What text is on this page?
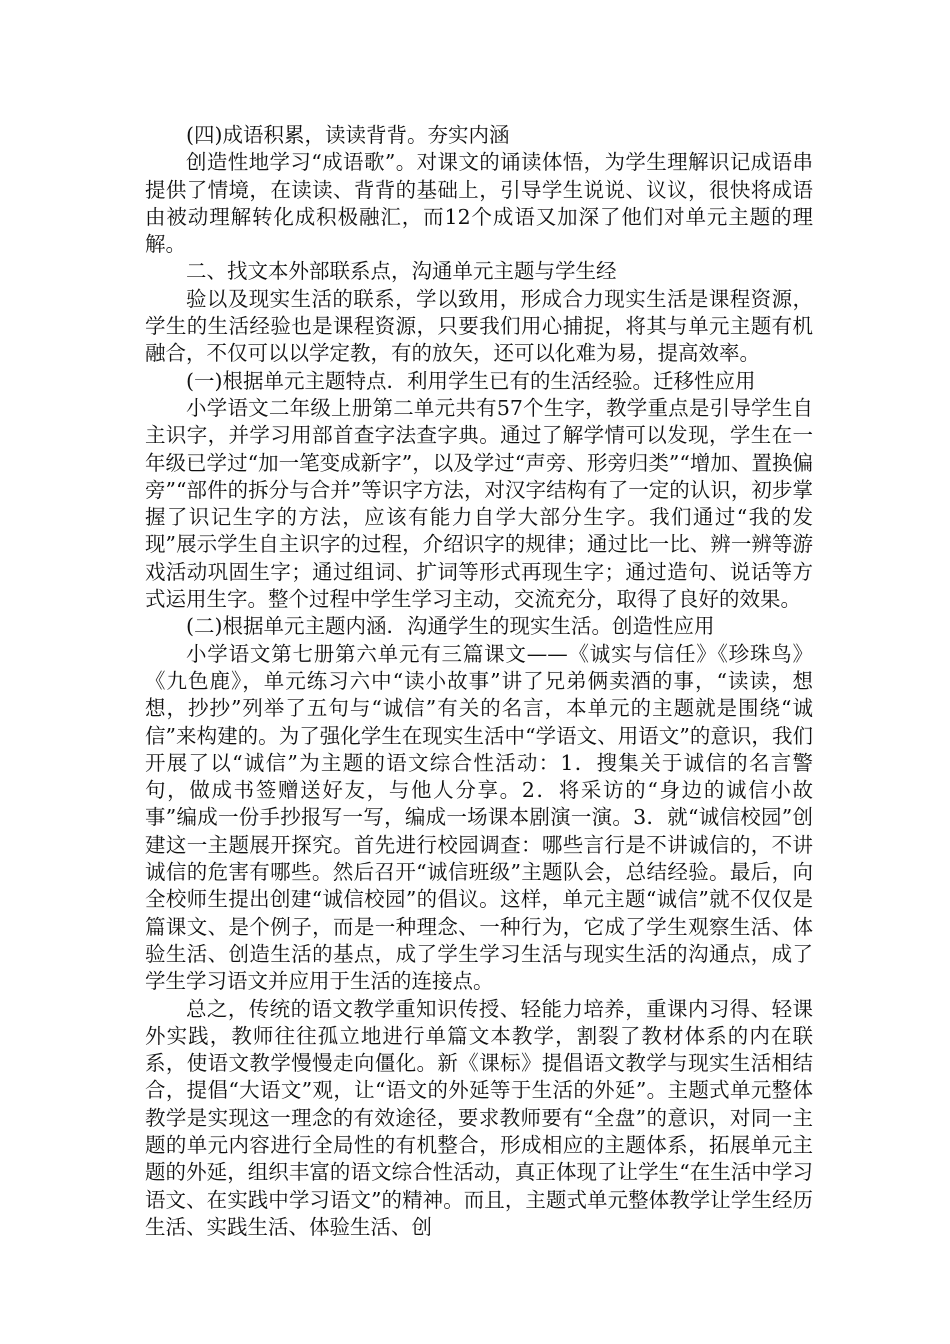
(四)成语积累，读读背背。夯实内涵

创造性地学习“成语歌”。对课文的诵读体悟，为学生理解识记成语串提供了情境，在读读、背背的基础上，引导学生说说、议议，很快将成语由被动理解转化成积极融汇，而12个成语又加深了他们对单元主题的理解。

二、找文本外部联系点，沟通单元主题与学生经

验以及现实生活的联系，学以致用，形成合力现实生活是课程资源，学生的生活经验也是课程资源，只要我们用心捕捉，将其与单元主题有机融合，不仅可以以学定教，有的放矢，还可以化难为易，提高效率。

(一)根据单元主题特点．利用学生已有的生活经验。迁移性应用

小学语文二年级上册第二单元共有57个生字，教学重点是引导学生自主识字，并学习用部首查字法查字典。通过了解学情可以发现，学生在一年级已学过“加一笔变成新字”，以及学过“声旁、形旁归类”“增加、置换偏旁”“部件的拆分与合并”等识字方法，对汉字结构有了一定的认识，初步掌握了识记生字的方法，应该有能力自学大部分生字。我们通过“我的发现”展示学生自主识字的过程，介绍识字的规律；通过比一比、辨一辨等游戏活动巩固生字；通过组词、扩词等形式再现生字；通过造句、说话等方式运用生字。整个过程中学生学习主动，交流充分，取得了良好的效果。

(二)根据单元主题内涵．沟通学生的现实生活。创造性应用

小学语文第七册第六单元有三篇课文——《诚实与信任》《珍珠鸟》《九色鹿》，单元练习六中“读小故事”讲了兄弟俩卖酒的事，“读读，想想，抄抄”列举了五句与“诚信”有关的名言，本单元的主题就是围绕“诚信”来构建的。为了强化学生在现实生活中“学语文、用语文”的意识，我们开展了以“诚信”为主题的语文综合性活动：1．搜集关于诚信的名言警句，做成书签赠送好友，与他人分享。2．将采访的“身边的诚信小故事”编成一份手抄报写一写，编成一场课本剧演一演。3．就“诚信校园”创建这一主题展开探究。首先进行校园调查：哪些言行是不讲诚信的，不讲诚信的危害有哪些。然后召开“诚信班级”主题队会，总结经验。最后，向全校师生提出创建“诚信校园”的倡议。这样，单元主题“诚信”就不仅仅是篇课文、是个例子，而是一种理念、一种行为，它成了学生观察生活、体验生活、创造生活的基点，成了学生学习生活与现实生活的沟通点，成了学生学习语文并应用于生活的连接点。

总之，传统的语文教学重知识传授、轻能力培养，重课内习得、轻课外实践，教师往往孤立地进行单篇文本教学，割裂了教材体系的内在联系，使语文教学慢慢走向僵化。新《课标》提倡语文教学与现实生活相结合，提倡“大语文”观，让“语文的外延等于生活的外延”。主题式单元整体教学是实现这一理念的有效途径，要求教师要有“全盘”的意识，对同一主题的单元内容进行全局性的有机整合，形成相应的主题体系，拓展单元主题的外延，组织丰富的语文综合性活动，真正体现了让学生“在生活中学习语文、在实践中学习语文”的精神。而且，主题式单元整体教学让学生经历生活、实践生活、体验生活、创
